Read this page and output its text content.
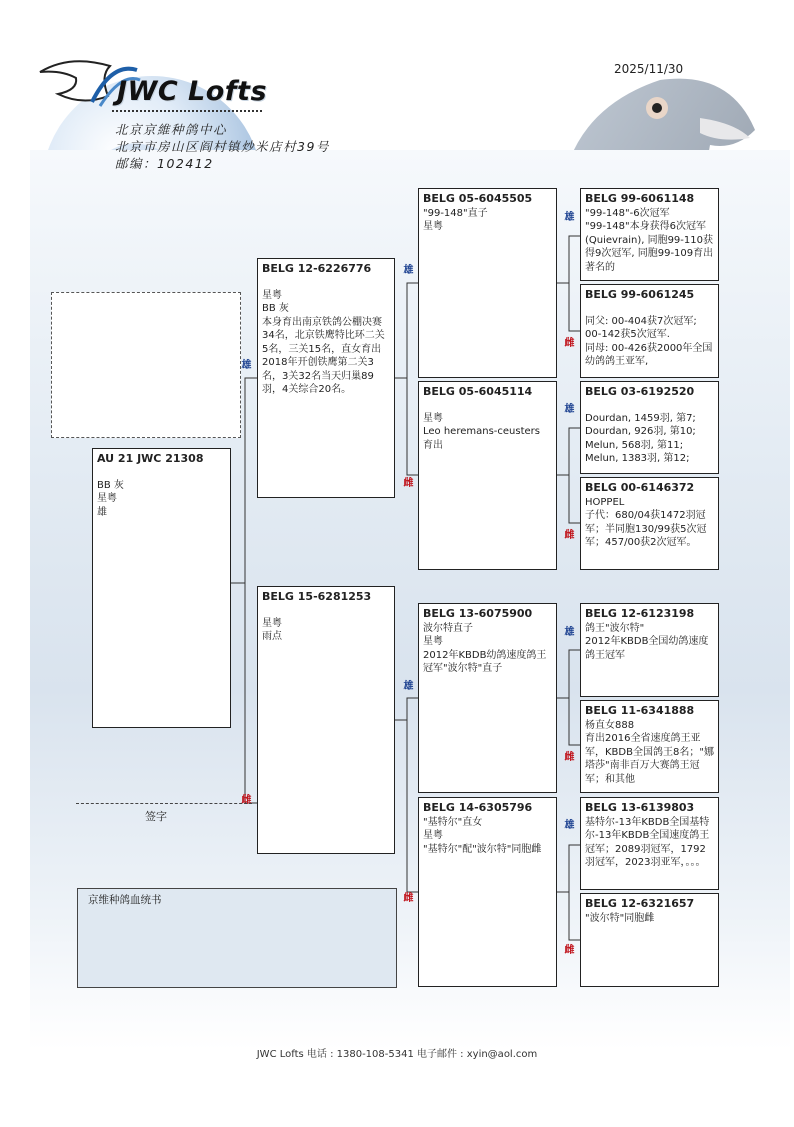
2025/11/30
JWC Lofts
北京京維种鸽中心
北京市房山区阎村镇炒米店村39号
邮编：102412
雄
雌
雄
雌
雄
雌
雄
雌
雄
雌
雄
雌
雄
雌
AU 21 JWC 21308
BB 灰
星粤
雄
BELG 12-6226776
星粤
BB 灰
本身育出南京铁鸽公棚决赛34名，北京铁鹰特比环二关5名，三关15名，直女育出2018年开创铁鹰第二关3名，3关32名当天归巢89羽，4关综合20名。
BELG 15-6281253
星粤
雨点
BELG 05-6045505
"99-148"直子
星粤
BELG 05-6045114
星粤
Leo heremans-ceusters 育出
BELG 13-6075900
波尔特直子
星粤
2012年KBDB幼鸽速度鸽王冠军"波尔特"直子
BELG 14-6305796
"基特尔"直女
星粤
"基特尔"配"波尔特"同胞雌
BELG 99-6061148
"99-148"-6次冠军
"99-148"本身获得6次冠军(Quievrain), 同胞99-110获得9次冠军, 同胞99-109育出著名的
BELG 99-6061245
同父: 00-404获7次冠军; 00-142获5次冠军.
同母: 00-426获2000年全国幼鸽鸽王亚军,
BELG 03-6192520
Dourdan, 1459羽, 第7;
Dourdan, 926羽, 第10;
Melun, 568羽, 第11;
Melun, 1383羽, 第12;
BELG 00-6146372
HOPPEL
子代：680/04获1472羽冠军；半同胞130/99获5次冠军；457/00获2次冠军。
BELG 12-6123198
鸽王"波尔特"
2012年KBDB全国幼鸽速度鸽王冠军
BELG 11-6341888
杨直女888
育出2016全省速度鸽王亚军，KBDB全国鸽王8名；"娜塔莎"南非百万大赛鸽王冠军；和其他
BELG 13-6139803
基特尔-13年KBDB全国基特尔-13年KBDB全国速度鸽王冠军；2089羽冠军，1792羽冠军，2023羽亚军，。。。
BELG 12-6321657
"波尔特"同胞雌
签字
京维种鸽血统书
JWC Lofts 电话 : 1380-108-5341 电子邮件 : xyin@aol.com
